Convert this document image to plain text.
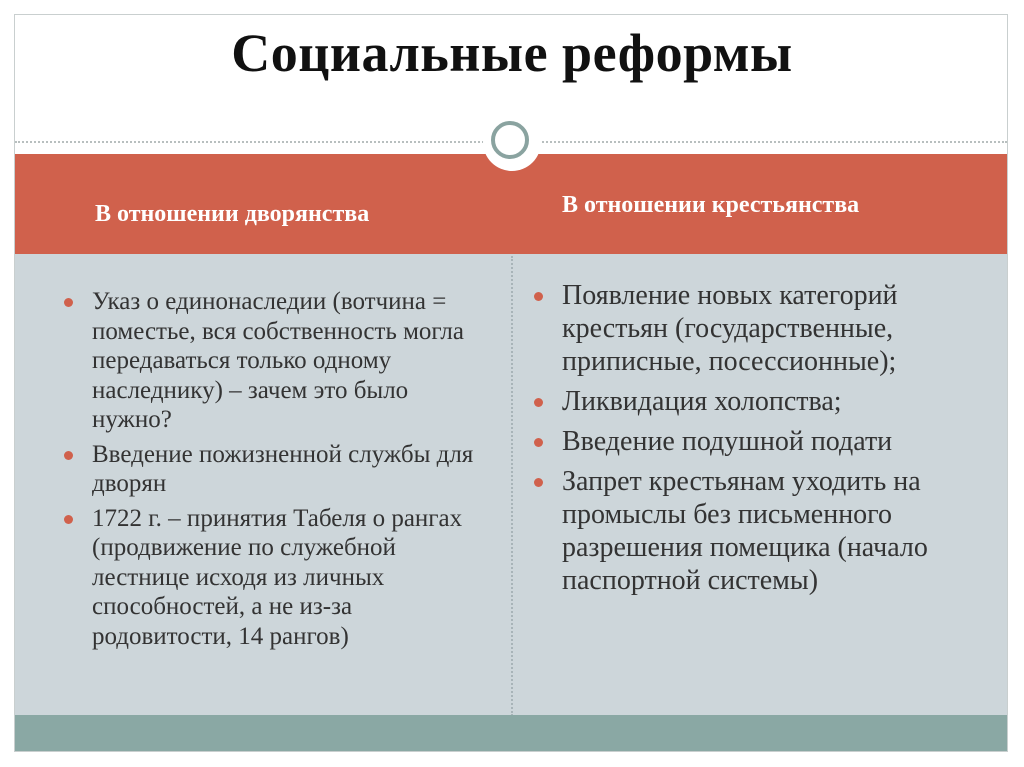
Социальные реформы
В отношении дворянства	В отношении крестьянства
Указ о единонаследии (вотчина = поместье, вся собственность могла передаваться только одному наследнику) – зачем это было нужно?
Введение пожизненной службы для дворян
1722 г. – принятия Табеля о рангах (продвижение по служебной лестнице исходя из личных способностей, а не из-за родовитости, 14 рангов)
Появление новых категорий крестьян (государственные, приписные, посессионные);
Ликвидация холопства;
Введение подушной подати
Запрет крестьянам уходить на промыслы без письменного разрешения помещика (начало паспортной системы)
